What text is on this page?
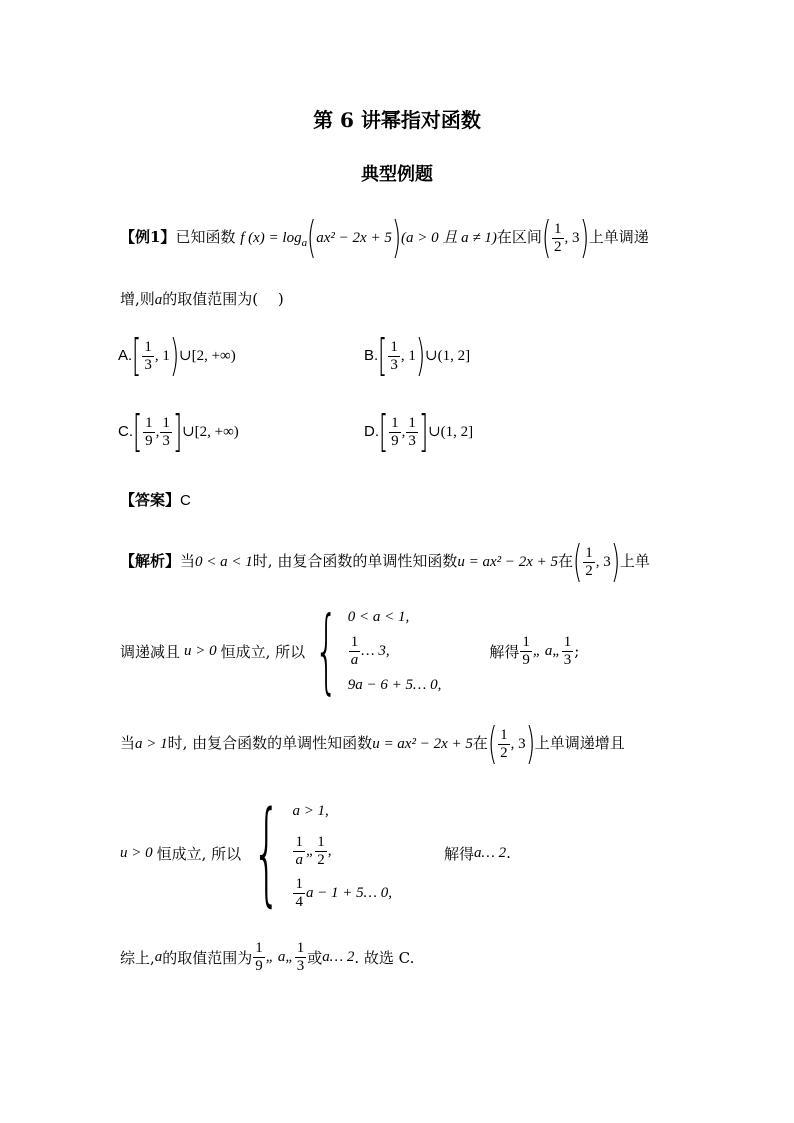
第 6 讲幂指对函数
典型例题
【例1】已知函数 f $(x) = \log_a(ax^2 - 2x + 5)(a > 0$ 且 a ≠ 1)在区间( $\frac{1}{2}$ , 3)上单调递
增,则a的取值范围为(　 )
$A.[ \frac{1}{3}$ , 1)∪[2, +∞)	$B.[ \frac{1}{3}$ , 1)∪(1, 2]
$C.[ \frac{1}{9}$ , $\frac{1}{3}$ ]∪[2, +∞)	$D.[ \frac{1}{9}$ , $\frac{1}{3}$ ]∪(1, 2]
【答案】C
【解析】当0 < a < 1时, 由复合函数的单调性知函数u = ax² − 2x + 5在( $\frac{1}{2}$ , 3)上单
调递减且 u > 0 恒成立, 所以 { 0 < a < 1,
$\frac{1}{a}$ … 3,
9a − 6 + 5… 0,
解得 $\frac{1}{9}$ „ a„ $\frac{1}{3}$ ;
当a > 1时, 由复合函数的单调性知函数u = ax² − 2x + 5在( $\frac{1}{2}$ , 3)上单调递增且
u > 0 恒成立, 所以 { a > 1,
$\frac{1}{a}$ „ $\frac{1}{2}$ ,
$\frac{1}{4}$ a − 1 + 5… 0,
解得 a… 2 .
综上, a 的取值范围为 $\frac{1}{9}$ „ a„ $\frac{1}{3}$ 或 a… 2 . 故选 C.
